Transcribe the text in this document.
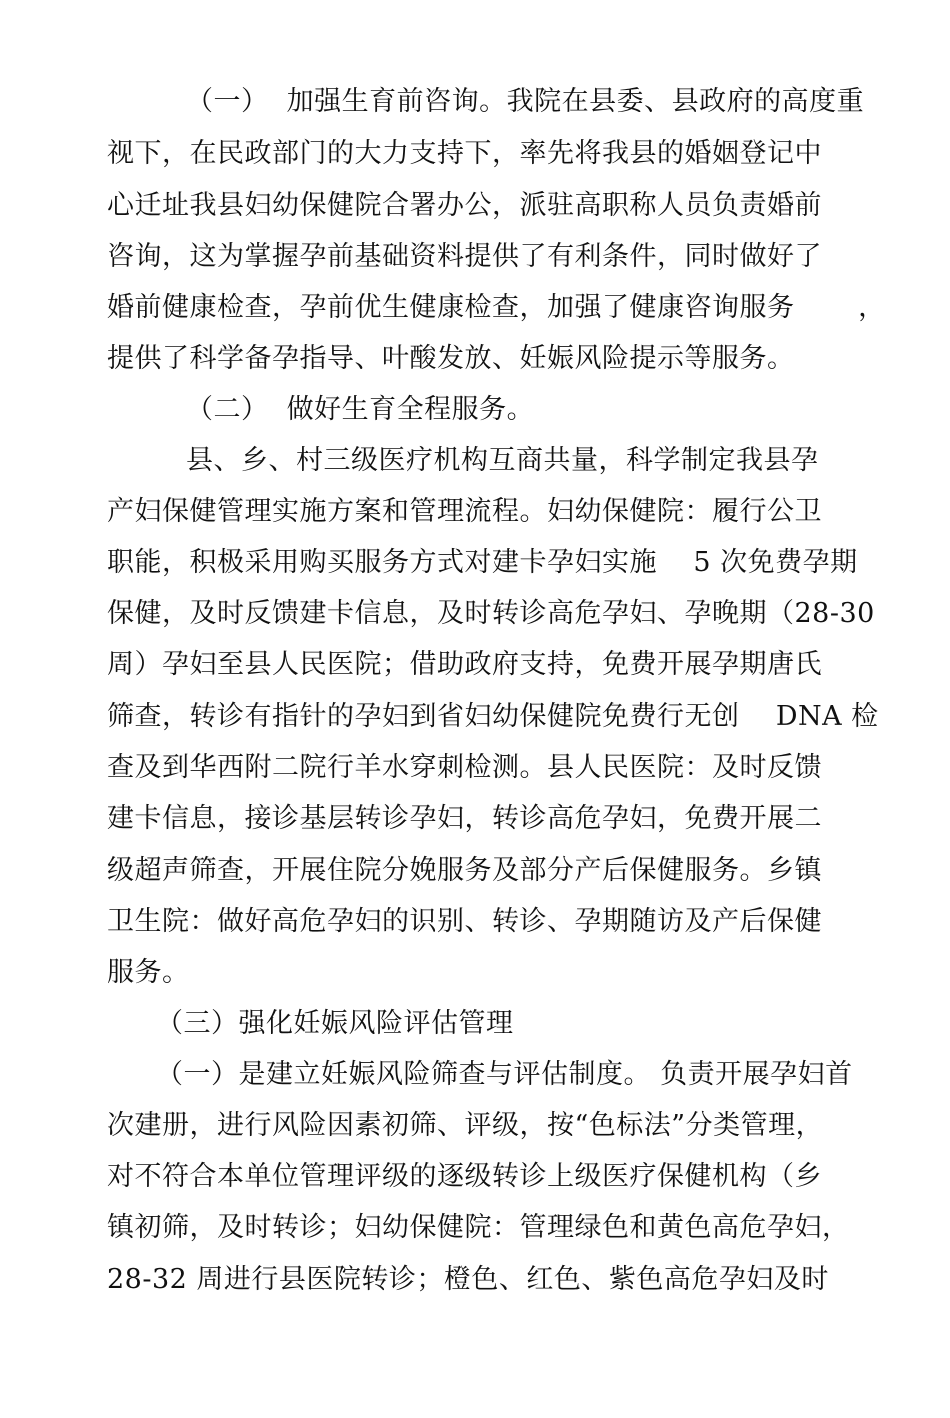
（一）  加强生育前咨询。我院在县委、县政府的高度重
视下，在民政部门的大力支持下，率先将我县的婚姻登记中
心迁址我县妇幼保健院合署办公，派驻高职称人员负责婚前
咨询，这为掌握孕前基础资料提供了有利条件，同时做好了
婚前健康检查，孕前优生健康检查，加强了健康咨询服务       ，
提供了科学备孕指导、叶酸发放、妊娠风险提示等服务。
（二）  做好生育全程服务。
县、乡、村三级医疗机构互商共量，科学制定我县孕
产妇保健管理实施方案和管理流程。妇幼保健院：履行公卫
职能，积极采用购买服务方式对建卡孕妇实施    5 次免费孕期
保健，及时反馈建卡信息，及时转诊高危孕妇、孕晚期（28-30
周）孕妇至县人民医院；借助政府支持，免费开展孕期唐氏
筛查，转诊有指针的孕妇到省妇幼保健院免费行无创    DNA 检
查及到华西附二院行羊水穿刺检测。县人民医院：及时反馈
建卡信息，接诊基层转诊孕妇，转诊高危孕妇，免费开展二
级超声筛查，开展住院分娩服务及部分产后保健服务。乡镇
卫生院：做好高危孕妇的识别、转诊、孕期随访及产后保健
服务。
（三）强化妊娠风险评估管理
（一）是建立妊娠风险筛查与评估制度。 负责开展孕妇首
次建册，进行风险因素初筛、评级，按“色标法”分类管理，
对不符合本单位管理评级的逐级转诊上级医疗保健机构（乡
镇初筛，及时转诊；妇幼保健院：管理绿色和黄色高危孕妇，
28-32 周进行县医院转诊；橙色、红色、紫色高危孕妇及时
